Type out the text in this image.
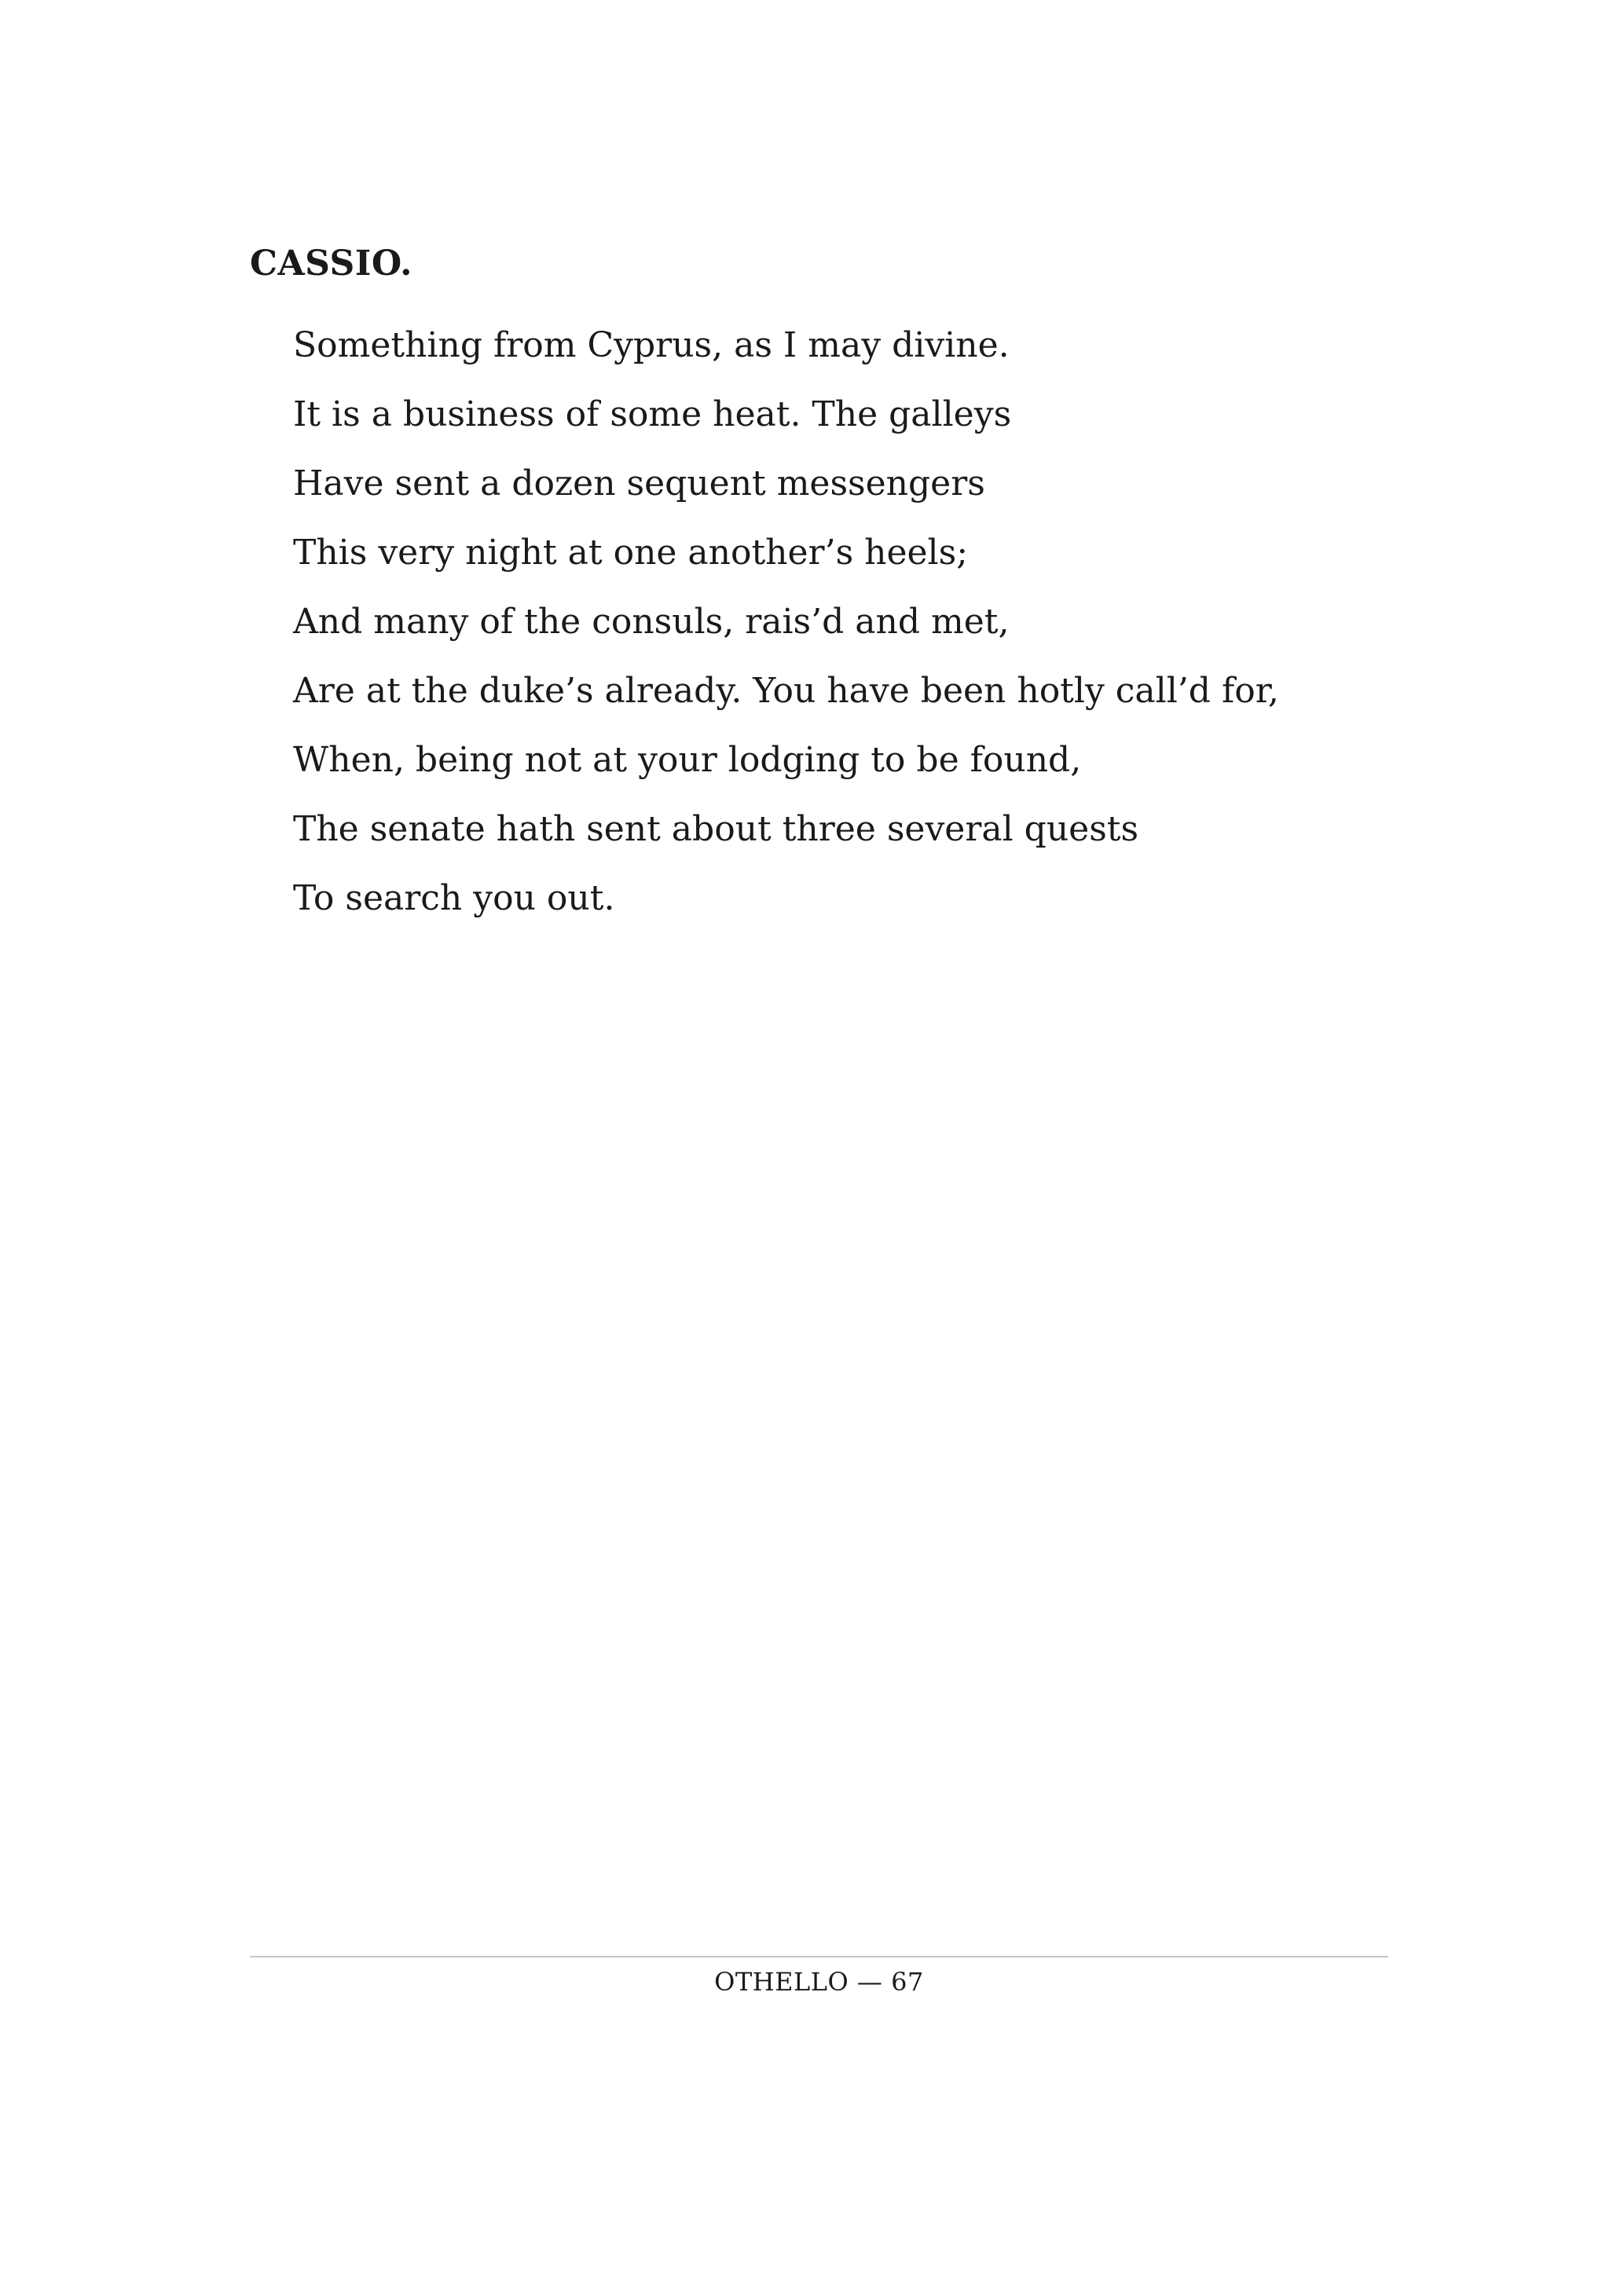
CASSIO.
Something from Cyprus, as I may divine.
It is a business of some heat. The galleys
Have sent a dozen sequent messengers
This very night at one another’s heels;
And many of the consuls, rais’d and met,
Are at the duke’s already. You have been hotly call’d for,
When, being not at your lodging to be found,
The senate hath sent about three several quests
To search you out.
OTHELLO — 67
